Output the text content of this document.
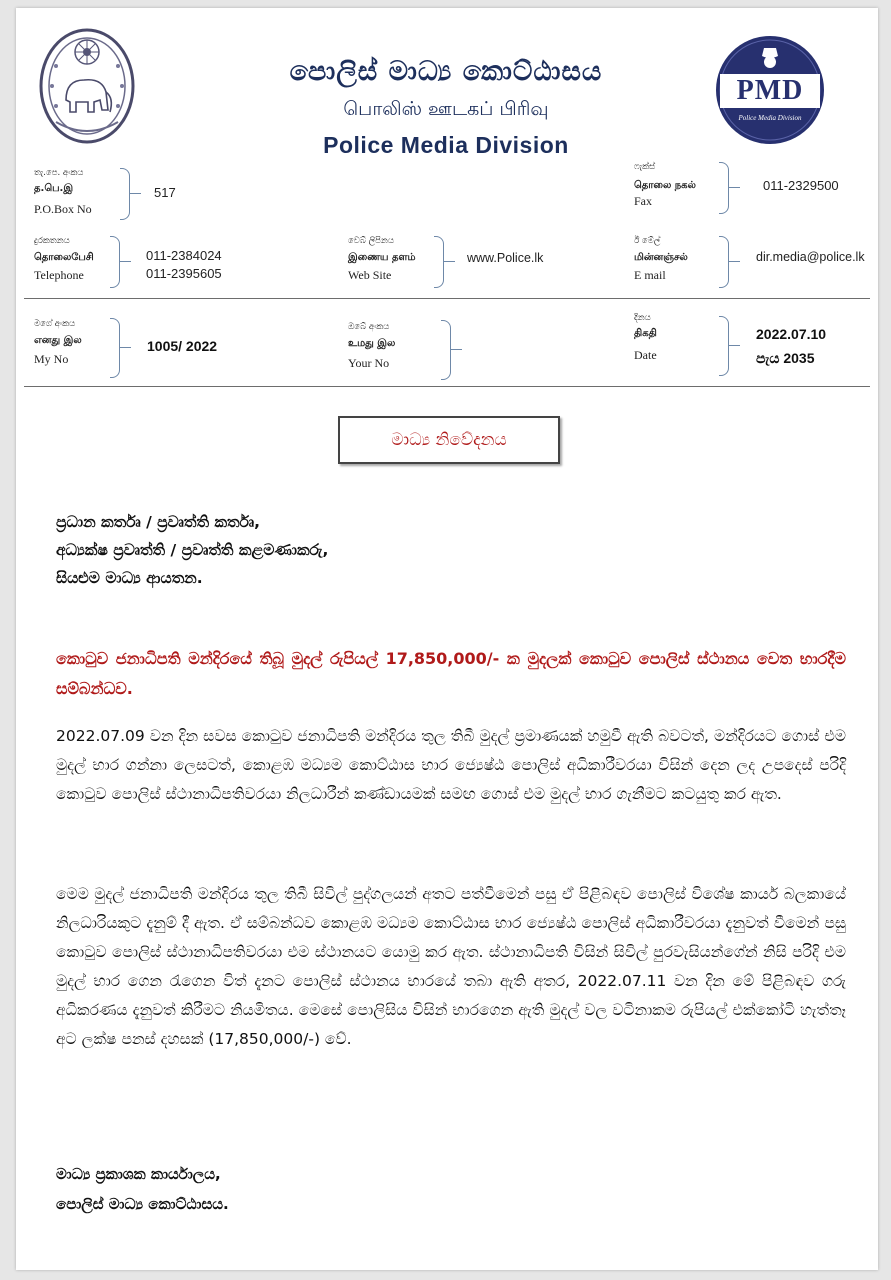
පොලිස් මාධ්‍ය කොට්ඨාසය
பொலிஸ் ஊடகப் பிரிவு
Police Media Division
PMD
Police Media Division
තැ.පෙ. අංකය
த.பெ.இ
P.O.Box No
517
ෆැක්ස්
தொலை நகல்
Fax
011-2329500
දුරකතනය
தொலைபேசி
Telephone
011-2384024
011-2395605
වෙබ් ලිපිනය
இணைய தளம்
Web Site
www.Police.lk
ඊ මේල්
மின்னஞ்சல்
E mail
dir.media@police.lk
මගේ අංකය
எனது இல
My No
1005/ 2022
ඔබේ අංකය
உமது இல
Your No
දිනය
திகதி
Date
2022.07.10
පැය 2035
මාධ්‍ය නිවේදනය
ප්‍රධාන කර්තෘ / ප්‍රවෘත්ති කර්තෘ,
අධ්‍යක්ෂ ප්‍රවෘත්ති / ප්‍රවෘත්ති කළමණාකරු,
සියළුම මාධ්‍ය ආයතන.
කොටුව ජනාධිපති මන්දිරයේ තිබූ මුදල් රුපියල් 17,850,000/- ක මුදලක් කොටුව පොලිස් ස්ථානය වෙත භාරදීම සම්බන්ධව.
2022.07.09 වන දින සවස කොටුව ජනාධිපති මන්දිරය තුල තිබී මුදල් ප්‍රමාණයක් හමුවී ඇති බවටත්, මන්දිරයට ගොස් එම මුදල් භාර ගන්නා ලෙසටත්, කොළඹ මධ්‍යම කොට්ඨාස භාර ජ්‍යෙෂ්ඨ පොලිස් අධිකාරීවරයා විසින් දෙන ලද උපදෙස් පරිදි කොටුව පොලිස් ස්ථානාධිපතිවරයා නිලධාරීන් කණ්ඩායමක් සමඟ ගොස් එම මුදල් භාර ගැනීමට කටයුතු කර ඇත.
මෙම මුදල් ජනාධිපති මන්දිරය තුල තිබී සිවිල් පුද්ගලයන් අතට පත්වීමෙන් පසු ඒ පිළිබඳව පොලිස් විශේෂ කාර්ය බලකායේ නිලධාරියකුට දැනුම් දී ඇත. ඒ සම්බන්ධව කොළඹ මධ්‍යම කොට්ඨාස භාර ජ්‍යෙෂ්ඨ පොලිස් අධිකාරීවරයා දැනුවත් වීමෙන් පසු කොටුව පොලිස් ස්ථානාධිපතිවරයා එම ස්ථානයට යොමු කර ඇත. ස්ථානාධිපති විසින් සිවිල් පුරවැසියන්ගේන් නිසි පරිදි එම මුදල් භාර ගෙන රැගෙන විත් දැනට පොලිස් ස්ථානය භාරයේ තබා ඇති අතර, 2022.07.11 වන දින මේ පිළිබඳව ගරු අධිකරණය දැනුවත් කිරීමට නියමිතය. මෙසේ පොලිසිය විසින් භාරගෙන ඇති මුදල් වල වටිනාකම රුපියල් එක්කෝටි හැත්තෑ අට ලක්ෂ පනස් දහසක් (17,850,000/-) වේ.
මාධ්‍ය ප්‍රකාශක කාර්යාලය,
පොලිස් මාධ්‍ය කොට්ඨාසය.
